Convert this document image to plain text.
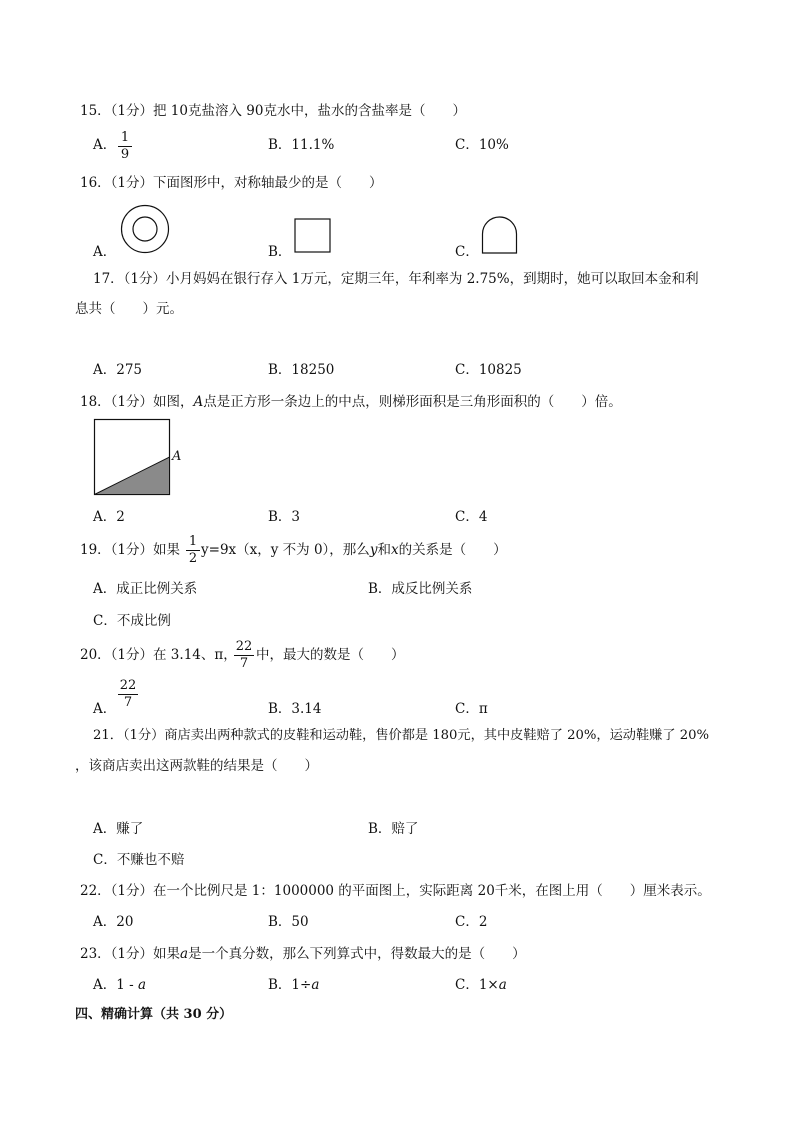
15．（1分）把 10克盐溶入 90克水中，盐水的含盐率是（　　）
A． $\frac{1}{9}$	B．11.1%	C．10%
16．（1分）下面图形中，对称轴最少的是（　　）
A．	B．	C．
17．（1分）小月妈妈在银行存入 1万元，定期三年，年利率为 2.75%，到期时，她可以取回本金和利
息共（　　）元。
A．275	B．18250	C．10825
18．（1分）如图，A点是正方形一条边上的中点，则梯形面积是三角形面积的（　　）倍。
A
A．2	B．3	C．4
19．（1分）如果 $\frac{1}{2} y=9x(x$，y 不为 0），那么y和x的关系是（　　）
A．成正比例关系	B．成反比例关系
C．不成比例
20．（1分）在 3.14、π，
$\frac{22}{7}$ 中，最大的数是（　　）
A． $\frac{22}{7}$	B．3.14	C．π
21．（1分）商店卖出两种款式的皮鞋和运动鞋，售价都是 180元，其中皮鞋赔了 20%，运动鞋赚了 20%
，该商店卖出这两款鞋的结果是（　　）
A．赚了	B．赔了
C．不赚也不赔
22．（1分）在一个比例尺是 1：1000000 的平面图上，实际距离 20千米，在图上用（　　）厘米表示。
A．20	B．50	C．2
23．（1分）如果a是一个真分数，那么下列算式中，得数最大的是（　　）
A．1 - a	B．1÷a	C．1×a
四、精确计算（共 30 分）
